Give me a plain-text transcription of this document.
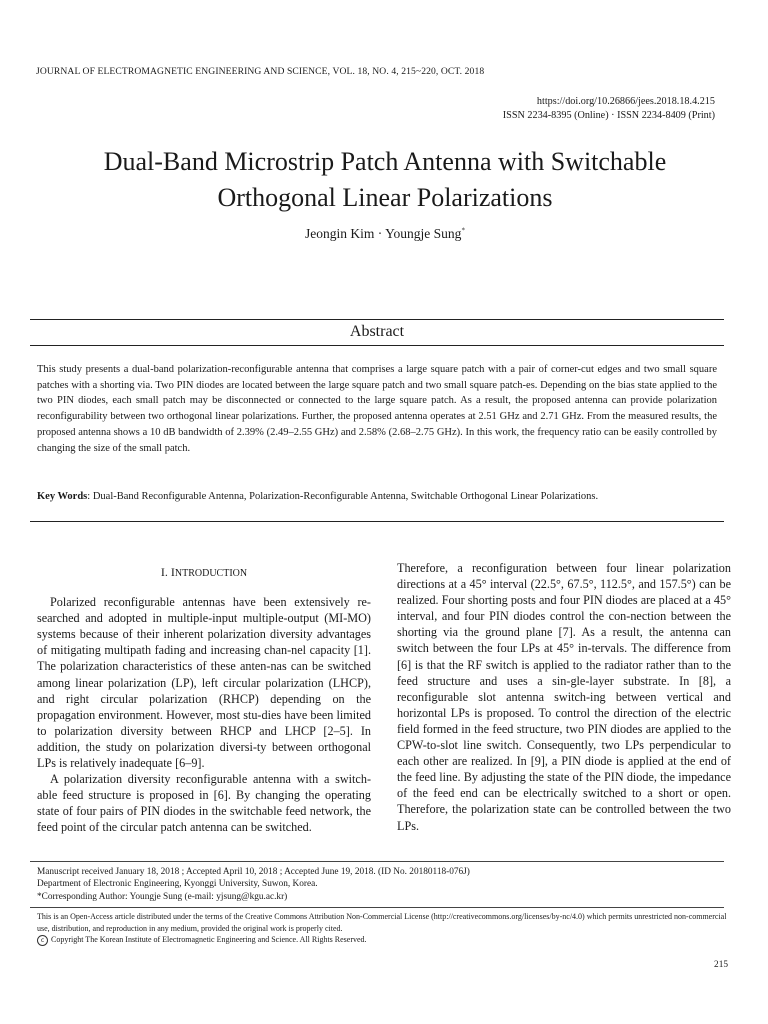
JOURNAL OF ELECTROMAGNETIC ENGINEERING AND SCIENCE, VOL. 18, NO. 4, 215~220, OCT. 2018
https://doi.org/10.26866/jees.2018.18.4.215
ISSN 2234-8395 (Online) · ISSN 2234-8409 (Print)
Dual-Band Microstrip Patch Antenna with Switchable
Orthogonal Linear Polarizations
Jeongin Kim · Youngje Sung*
Abstract
This study presents a dual-band polarization-reconfigurable antenna that comprises a large square patch with a pair of corner-cut edges and two small square patches with a shorting via. Two PIN diodes are located between the large square patch and two small square patch-es. Depending on the bias state applied to the two PIN diodes, each small patch may be disconnected or connected to the large square patch. As a result, the proposed antenna can provide polarization reconfigurability between two orthogonal linear polarizations. Further, the proposed antenna operates at 2.51 GHz and 2.71 GHz. From the measured results, the proposed antenna shows a 10 dB bandwidth of 2.39% (2.49–2.55 GHz) and 2.58% (2.68–2.75 GHz). In this work, the frequency ratio can be easily controlled by changing the size of the small patch.
Key Words: Dual-Band Reconfigurable Antenna, Polarization-Reconfigurable Antenna, Switchable Orthogonal Linear Polarizations.
I. INTRODUCTION

Polarized reconfigurable antennas have been extensively re-searched and adopted in multiple-input multiple-output (MI-MO) systems because of their inherent polarization diversity advantages of mitigating multipath fading and increasing chan-nel capacity [1]. The polarization characteristics of these anten-nas can be switched among linear polarization (LP), left circular polarization (LHCP), and right circular polarization (RHCP) depending on the propagation environment. However, most stu-dies have been limited to polarization diversity between RHCP and LHCP [2–5]. In addition, the study on polarization diversi-ty between orthogonal LPs is relatively inadequate [6–9].

A polarization diversity reconfigurable antenna with a switch-able feed structure is proposed in [6]. By changing the operating state of four pairs of PIN diodes in the switchable feed network, the feed point of the circular patch antenna can be switched.

Therefore, a reconfiguration between four linear polarization directions at a 45° interval (22.5°, 67.5°, 112.5°, and 157.5°) can be realized. Four shorting posts and four PIN diodes are placed at a 45° interval, and four PIN diodes control the con-nection between the shorting via the ground plane [7]. As a result, the antenna can switch between the four LPs at 45° in-tervals. The difference from [6] is that the RF switch is applied to the radiator rather than to the feed structure and uses a sin-gle-layer substrate. In [8], a reconfigurable slot antenna switch-ing between vertical and horizontal LPs is proposed. To control the direction of the electric field formed in the feed structure, two PIN diodes are applied to the CPW-to-slot line switch. Consequently, two LPs perpendicular to each other are realized. In [9], a PIN diode is applied at the end of the feed line. By adjusting the state of the PIN diode, the impedance of the feed end can be electrically switched to a short or open. Therefore, the polarization state can be controlled between the two LPs.

Manuscript received January 18, 2018 ; Accepted April 10, 2018 ; Accepted June 19, 2018. (ID No. 20180118-076J)
Department of Electronic Engineering, Kyonggi University, Suwon, Korea.
*Corresponding Author: Youngje Sung (e-mail: yjsung@kgu.ac.kr)
This is an Open-Access article distributed under the terms of the Creative Commons Attribution Non-Commercial License (http://creativecommons.org/licenses/by-nc/4.0) which permits unrestricted non-commercial use, distribution, and reproduction in any medium, provided the original work is properly cited.
c Copyright The Korean Institute of Electromagnetic Engineering and Science. All Rights Reserved.
215
